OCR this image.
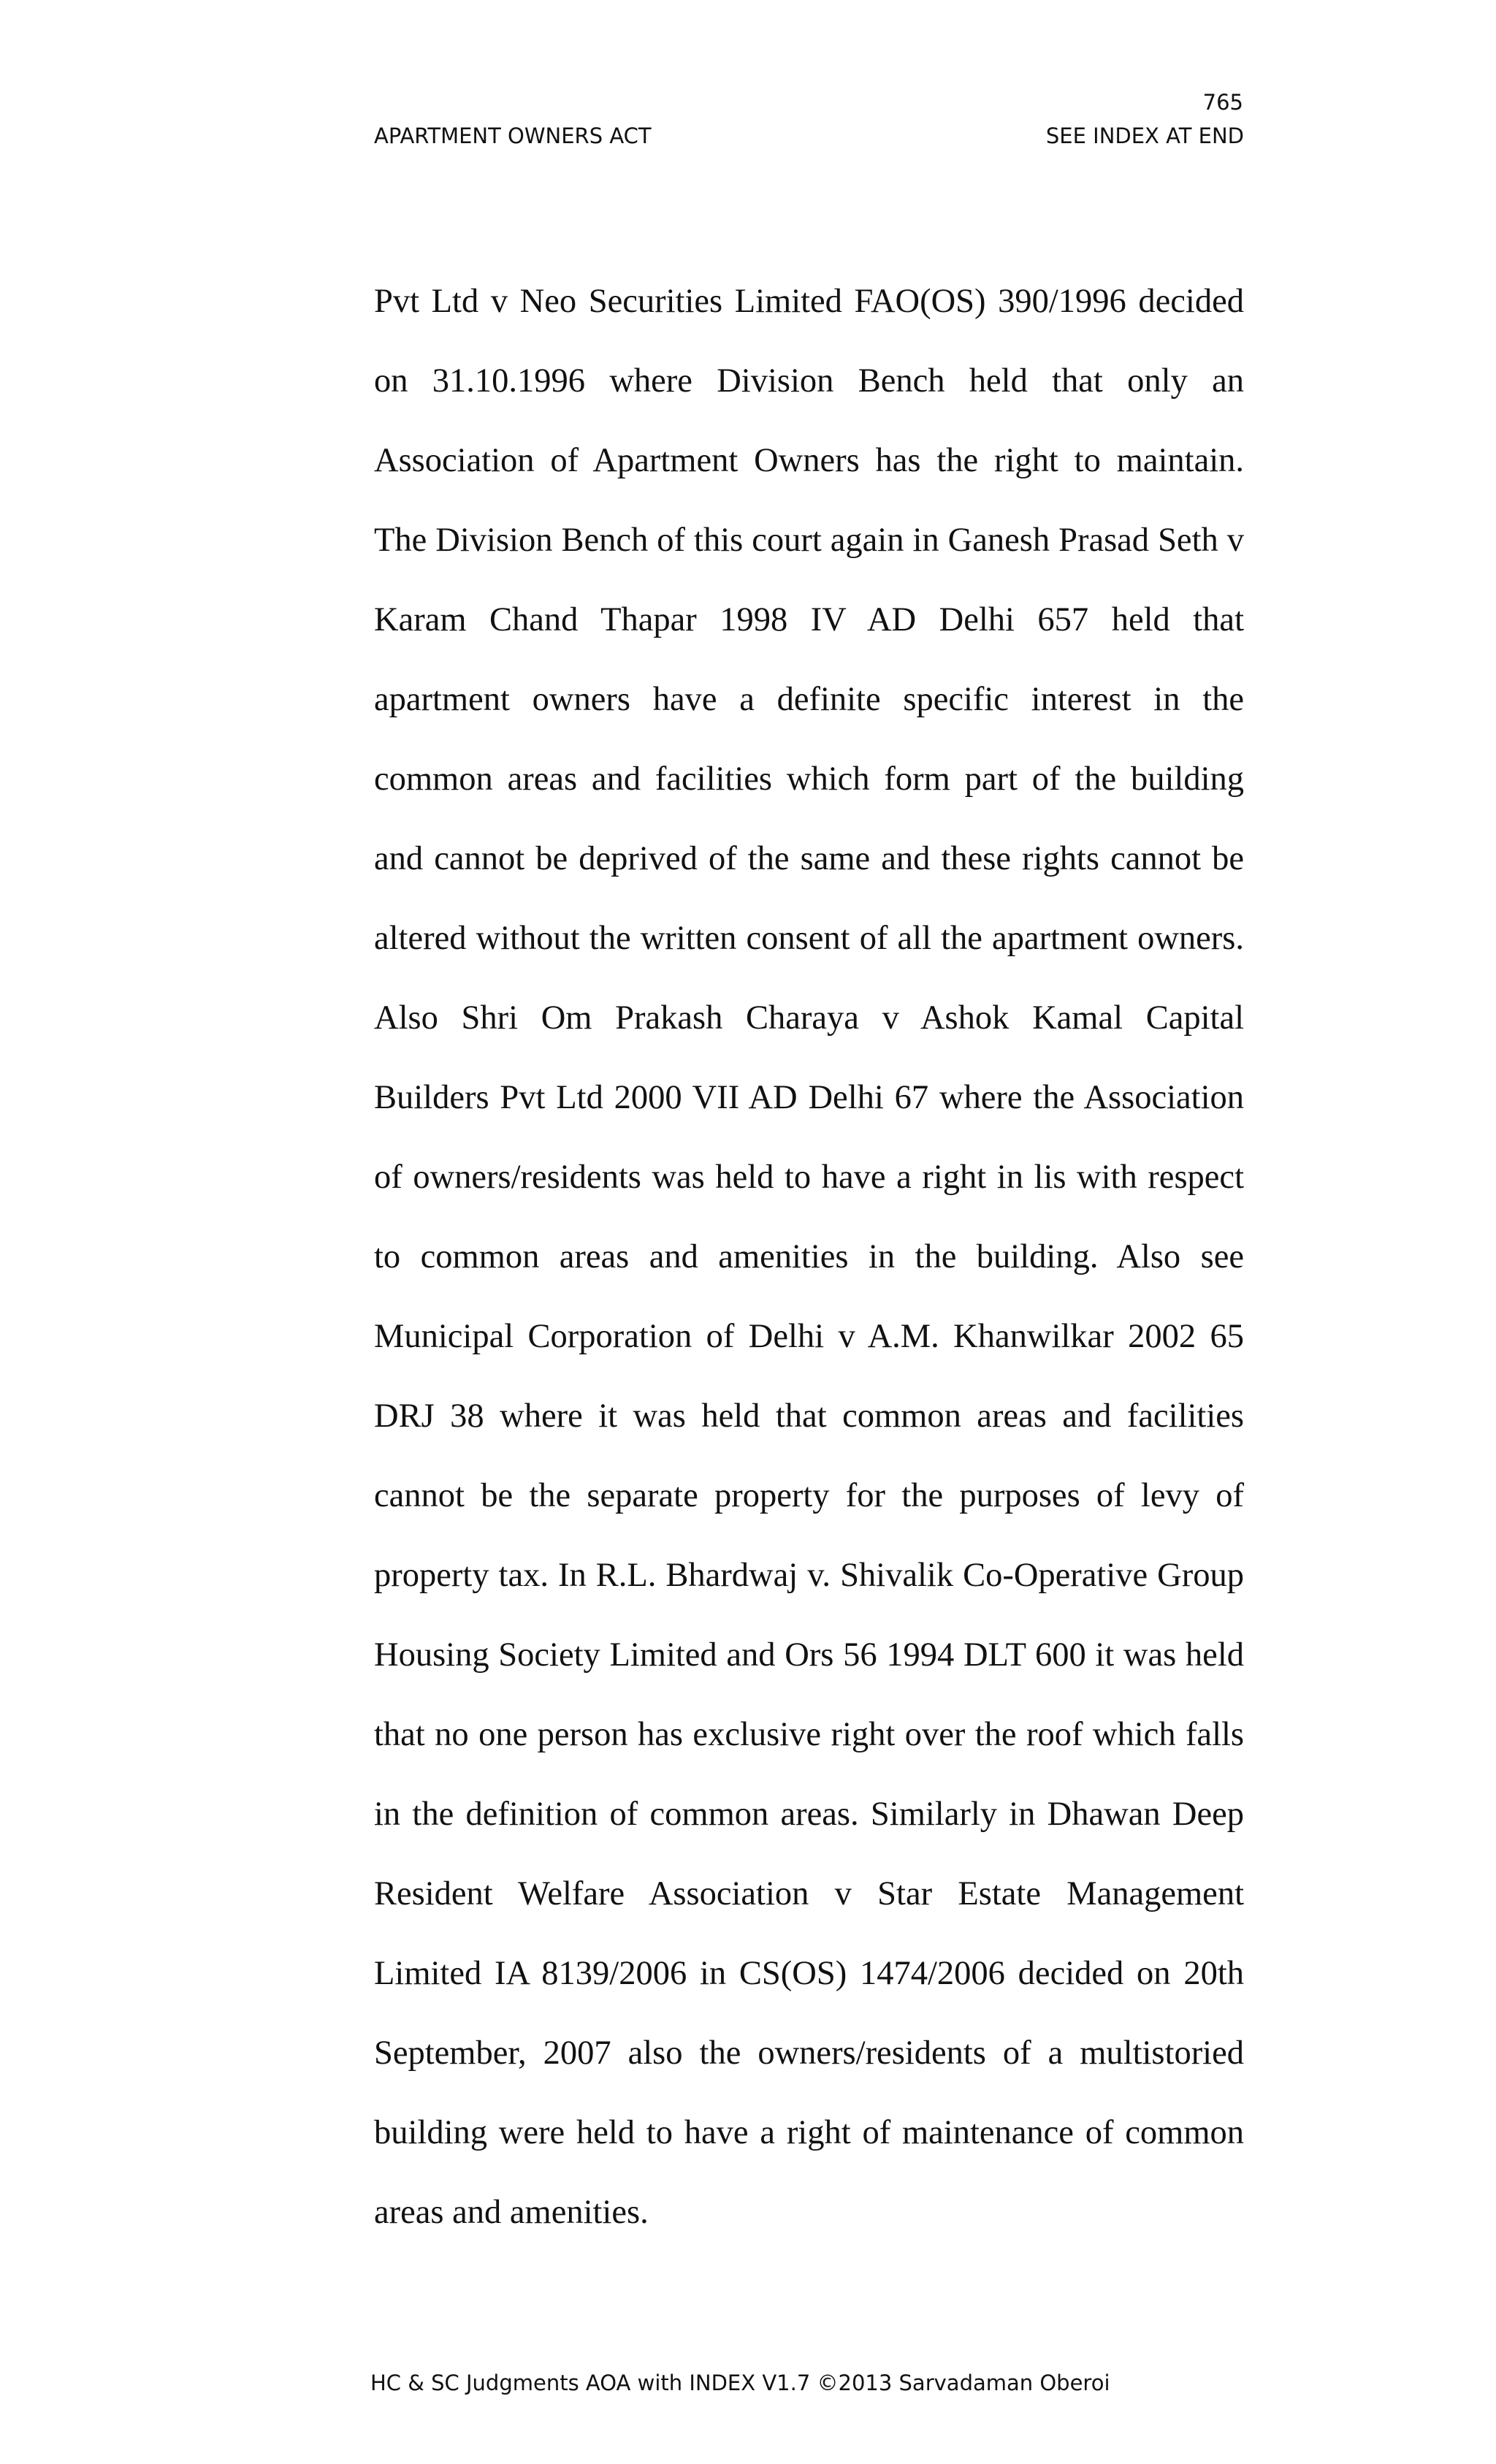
765
APARTMENT OWNERS ACT	SEE INDEX AT END

Pvt Ltd v Neo Securities Limited FAO(OS) 390/1996 decided on 31.10.1996 where Division Bench held that only an Association of Apartment Owners has the right to maintain. The Division Bench of this court again in Ganesh Prasad Seth v Karam Chand Thapar 1998 IV AD Delhi 657 held that apartment owners have a definite specific interest in the common areas and facilities which form part of the building and cannot be deprived of the same and these rights cannot be altered without the written consent of all the apartment owners. Also Shri Om Prakash Charaya v Ashok Kamal Capital Builders Pvt Ltd 2000 VII AD Delhi 67 where the Association of owners/residents was held to have a right in lis with respect to common areas and amenities in the building. Also see Municipal Corporation of Delhi v A.M. Khanwilkar 2002 65 DRJ 38 where it was held that common areas and facilities cannot be the separate property for the purposes of levy of property tax. In R.L. Bhardwaj v. Shivalik Co-Operative Group Housing Society Limited and Ors 56 1994 DLT 600 it was held that no one person has exclusive right over the roof which falls in the definition of common areas. Similarly in Dhawan Deep Resident Welfare Association v Star Estate Management Limited IA 8139/2006 in CS(OS) 1474/2006 decided on 20th September, 2007 also the owners/residents of a multistoried building were held to have a right of maintenance of common areas and amenities.

HC & SC Judgments AOA with INDEX V1.7 ©2013 Sarvadaman Oberoi
